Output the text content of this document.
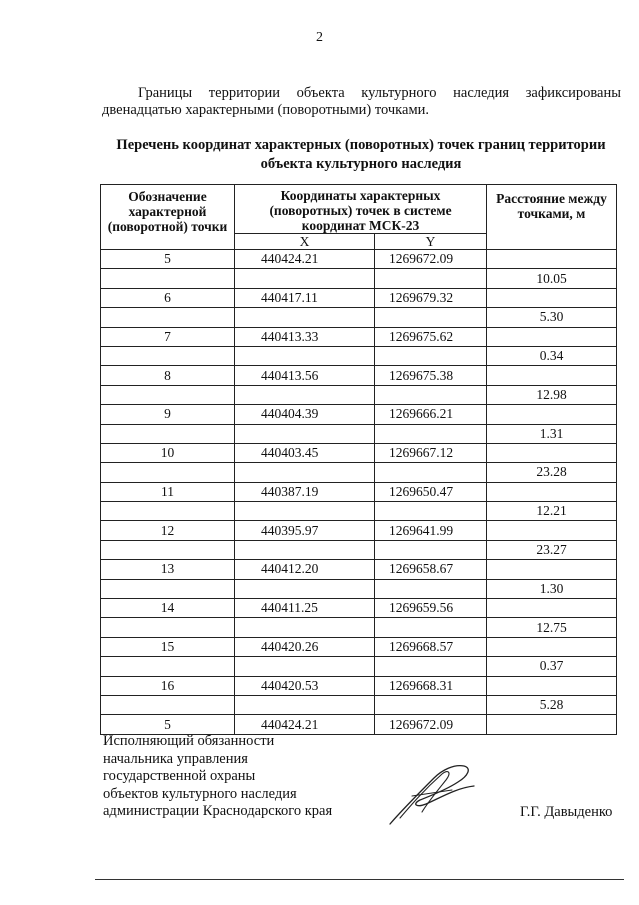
2
Границы территории объекта культурного наследия зафиксированы двенадцатью характерными (поворотными) точками.
Перечень координат характерных (поворотных) точек границ территории
объекта культурного наследия
Обозначение характерной (поворотной) точки	Координаты характерных (поворотных) точек в системе координат МСК-23		Расстояние между точками, м
	X	Y	
5	440424.21	1269672.09	
			10.05
6	440417.11	1269679.32	
			5.30
7	440413.33	1269675.62	
			0.34
8	440413.56	1269675.38	
			12.98
9	440404.39	1269666.21	
			1.31
10	440403.45	1269667.12	
			23.28
11	440387.19	1269650.47	
			12.21
12	440395.97	1269641.99	
			23.27
13	440412.20	1269658.67	
			1.30
14	440411.25	1269659.56	
			12.75
15	440420.26	1269668.57	
			0.37
16	440420.53	1269668.31	
			5.28
5	440424.21	1269672.09	
Исполняющий обязанности
начальника управления
государственной охраны
объектов культурного наследия
администрации Краснодарского края	Г.Г. Давыденко
